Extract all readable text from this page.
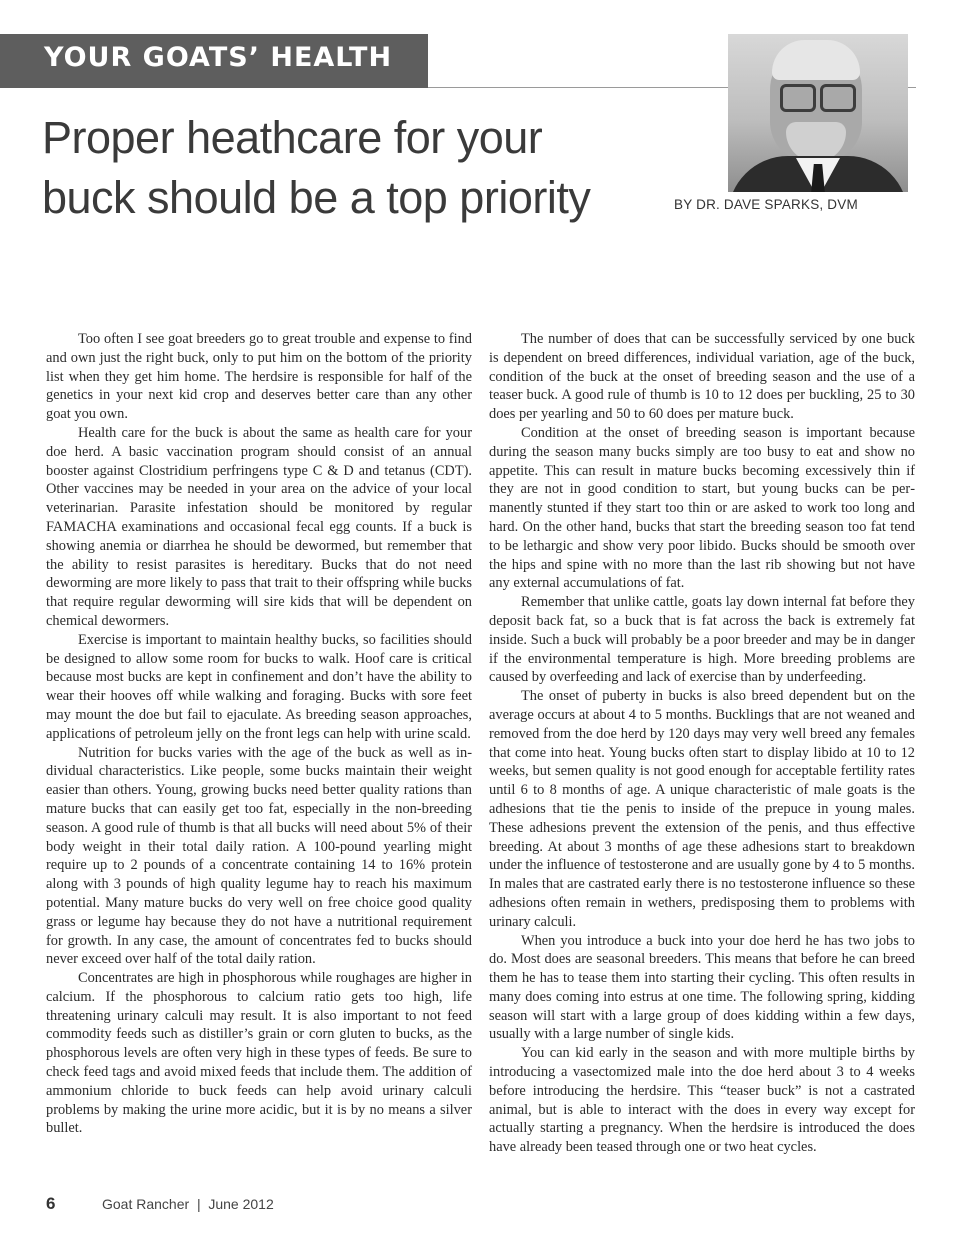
YOUR GOATS’ HEALTH
Proper heathcare for your
buck should be a top priority	BY DR. DAVE SPARKS, DVM

Too often I see goat breeders go to great trouble and expense to find and own just the right buck, only to put him on the bottom of the priority list when they get him home. The herdsire is responsible for half of the genetics in your next kid crop and deserves better care than any other goat you own.

Health care for the buck is about the same as health care for your doe herd. A basic vaccination program should consist of an annual booster against Clostridium perfringens type C & D and tetanus (CDT). Other vaccines may be needed in your area on the advice of your local veterinarian. Parasite infestation should be monitored by regular FAMACHA examinations and occasional fecal egg counts. If a buck is showing anemia or diarrhea he should be dewormed, but remember that the ability to resist parasites is hereditary. Bucks that do not need deworming are more likely to pass that trait to their offspring while bucks that require regular deworming will sire kids that will be dependent on chemical dewormers.

Exercise is important to maintain healthy bucks, so facilities should be designed to allow some room for bucks to walk. Hoof care is critical because most bucks are kept in confinement and don’t have the ability to wear their hooves off while walking and foraging. Bucks with sore feet may mount the doe but fail to ejaculate. As breeding season approaches, applications of petroleum jelly on the front legs can help with urine scald.

Nutrition for bucks varies with the age of the buck as well as individual characteristics. Like people, some bucks maintain their weight easier than others. Young, growing bucks need better quality rations than mature bucks that can easily get too fat, especially in the non-breeding season. A good rule of thumb is that all bucks will need about 5% of their body weight in their total daily ration. A 100-pound yearling might require up to 2 pounds of a concentrate containing 14 to 16% protein along with 3 pounds of high quality legume hay to reach his maximum potential. Many mature bucks do very well on free choice good quality grass or legume hay because they do not have a nutritional requirement for growth. In any case, the amount of concentrates fed to bucks should never exceed over half of the total daily ration.

Concentrates are high in phosphorous while roughages are higher in calcium. If the phosphorous to calcium ratio gets too high, life threatening urinary calculi may result. It is also important to not feed commodity feeds such as distiller’s grain or corn gluten to bucks, as the phosphorous levels are often very high in these types of feeds. Be sure to check feed tags and avoid mixed feeds that include them. The addition of ammonium chloride to buck feeds can help avoid urinary calculi problems by making the urine more acidic, but it is by no means a silver bullet.

The number of does that can be successfully serviced by one buck is dependent on breed differences, individual variation, age of the buck, condition of the buck at the onset of breeding season and the use of a teaser buck. A good rule of thumb is 10 to 12 does per buckling, 25 to 30 does per yearling and 50 to 60 does per mature buck.

Condition at the onset of breeding season is important because during the season many bucks simply are too busy to eat and show no appetite. This can result in mature bucks becoming excessively thin if they are not in good condition to start, but young bucks can be permanently stunted if they start too thin or are asked to work too long and hard. On the other hand, bucks that start the breeding season too fat tend to be lethargic and show very poor libido. Bucks should be smooth over the hips and spine with no more than the last rib showing but not have any external accumulations of fat.

Remember that unlike cattle, goats lay down internal fat before they deposit back fat, so a buck that is fat across the back is extremely fat inside. Such a buck will probably be a poor breeder and may be in danger if the environmental temperature is high. More breeding problems are caused by overfeeding and lack of exercise than by underfeeding.

The onset of puberty in bucks is also breed dependent but on the average occurs at about 4 to 5 months. Bucklings that are not weaned and removed from the doe herd by 120 days may very well breed any females that come into heat. Young bucks often start to display libido at 10 to 12 weeks, but semen quality is not good enough for acceptable fertility rates until 6 to 8 months of age. A unique characteristic of male goats is the adhesions that tie the penis to inside of the prepuce in young males. These adhesions prevent the extension of the penis, and thus effective breeding. At about 3 months of age these adhesions start to breakdown under the influence of testosterone and are usually gone by 4 to 5 months. In males that are castrated early there is no testosterone influence so these adhesions often remain in wethers, predisposing them to problems with urinary calculi.

When you introduce a buck into your doe herd he has two jobs to do. Most does are seasonal breeders. This means that before he can breed them he has to tease them into starting their cycling. This often results in many does coming into estrus at one time. The following spring, kidding season will start with a large group of does kidding within a few days, usually with a large number of single kids.

You can kid early in the season and with more multiple births by introducing a vasectomized male into the doe herd about 3 to 4 weeks before introducing the herdsire. This “teaser buck” is not a castrated animal, but is able to interact with the does in every way except for actually starting a pregnancy. When the herdsire is introduced the does have already been teased through one or two heat cycles.

6	Goat Rancher  |  June 2012
